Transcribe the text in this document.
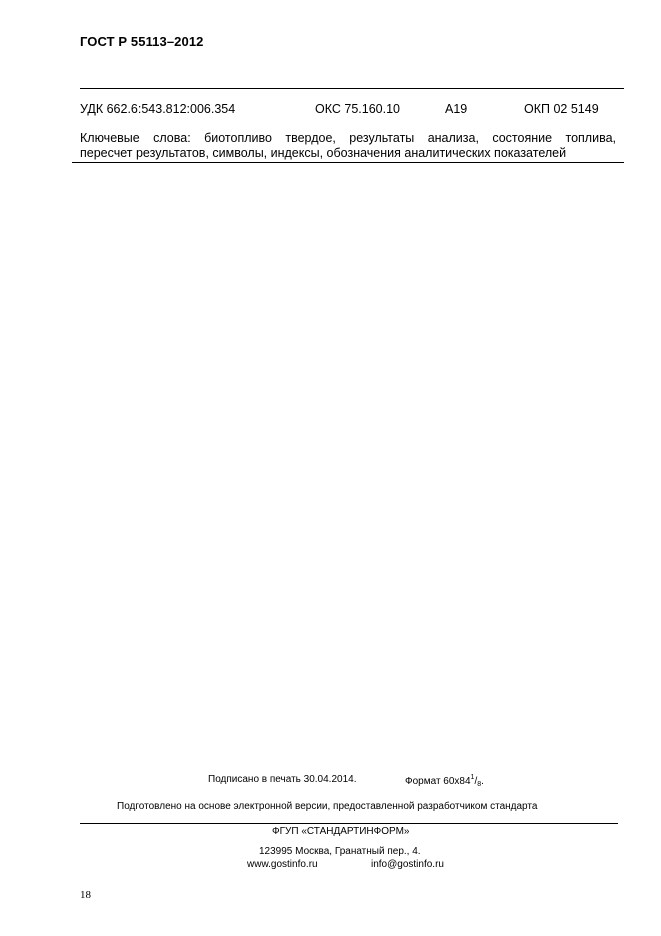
ГОСТ Р 55113–2012
УДК 662.6:543.812:006.354	ОКС 75.160.10	А19	ОКП 02 5149
Ключевые слова: биотопливо твердое, результаты анализа, состояние топлива,
пересчет результатов, символы, индексы, обозначения аналитических показателей
Подписано в печать 30.04.2014.	Формат $60x84^1/_8$.
Подготовлено на основе электронной версии, предоставленной разработчиком стандарта
ФГУП «СТАНДАРТИНФОРМ»
123995 Москва, Гранатный пер., 4.
www.gostinfo.ru	info@gostinfo.ru
18
